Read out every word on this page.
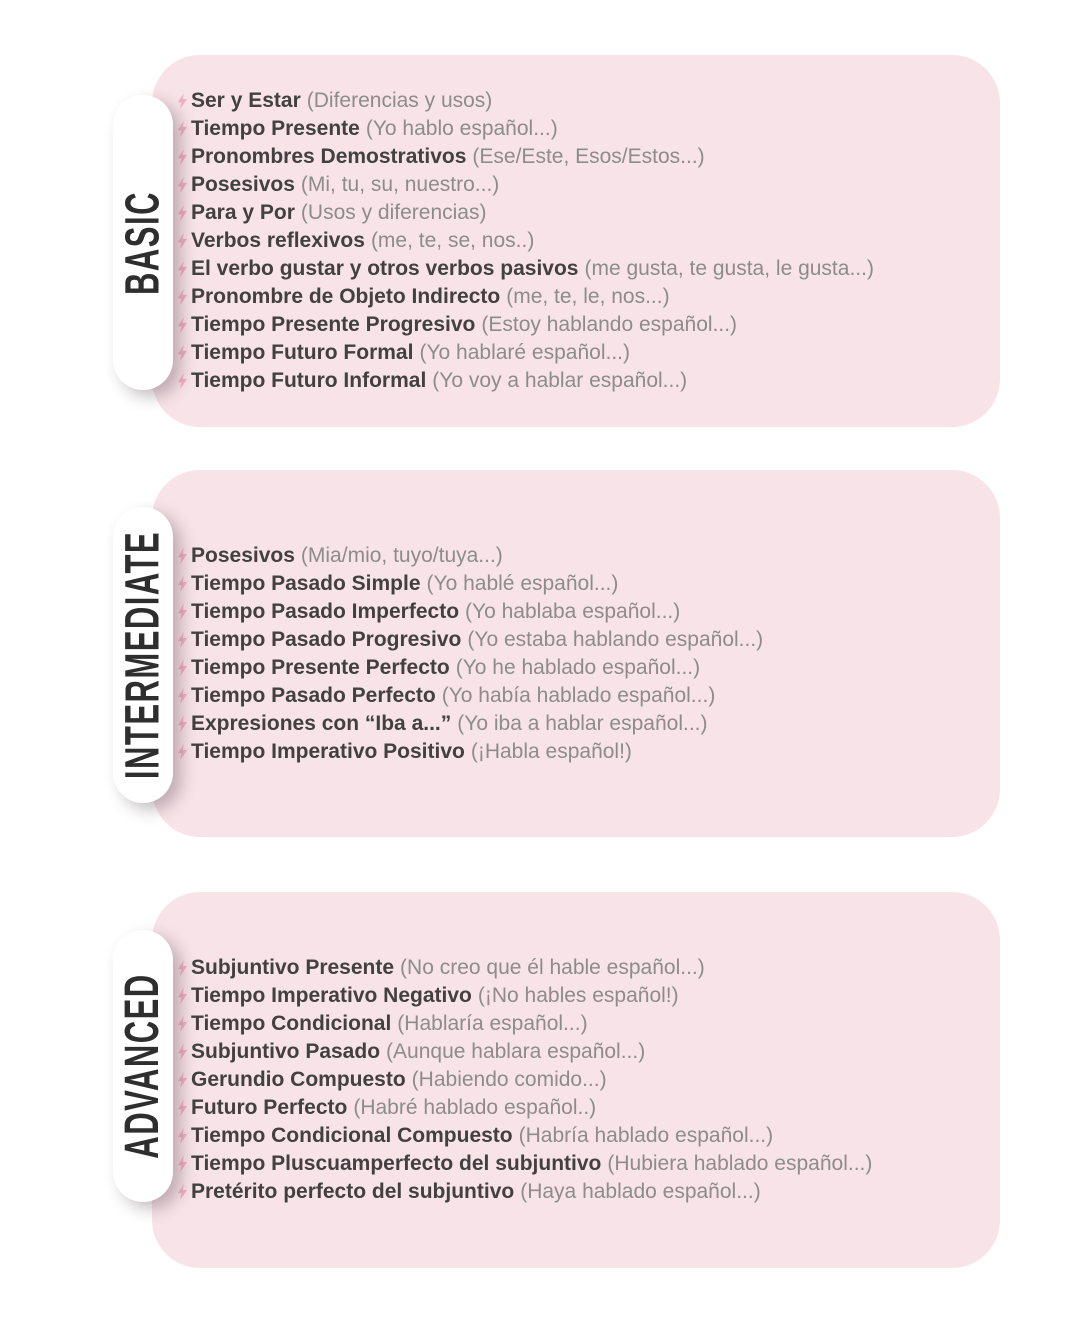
BASIC
Ser y Estar (Diferencias y usos)
Tiempo Presente (Yo hablo español...)
Pronombres Demostrativos (Ese/Este, Esos/Estos...)
Posesivos (Mi, tu, su, nuestro...)
Para y Por (Usos y diferencias)
Verbos reflexivos (me, te, se, nos..)
El verbo gustar y otros verbos pasivos (me gusta, te gusta, le gusta...)
Pronombre de Objeto Indirecto (me, te, le, nos...)
Tiempo Presente Progresivo (Estoy hablando español...)
Tiempo Futuro Formal (Yo hablaré español...)
Tiempo Futuro Informal (Yo voy a hablar español...)
INTERMEDIATE Posesivos (Mia/mio, tuyo/tuya...)
Tiempo Pasado Simple (Yo hablé español...)
Tiempo Pasado Imperfecto (Yo hablaba español...)
Tiempo Pasado Progresivo (Yo estaba hablando español...)
Tiempo Presente Perfecto (Yo he hablado español...)
Tiempo Pasado Perfecto (Yo había hablado español...)
Expresiones con “Iba a...” (Yo iba a hablar español...)
Tiempo Imperativo Positivo (¡Habla español!)
ADVANCED
Subjuntivo Presente (No creo que él hable español...)
Tiempo Imperativo Negativo (¡No hables español!)
Tiempo Condicional (Hablaría español...)
Subjuntivo Pasado (Aunque hablara español...)
Gerundio Compuesto (Habiendo comido...)
Futuro Perfecto (Habré hablado español..)
Tiempo Condicional Compuesto (Habría hablado español...)
Tiempo Pluscuamperfecto del subjuntivo (Hubiera hablado español...)
Pretérito perfecto del subjuntivo (Haya hablado español...)
